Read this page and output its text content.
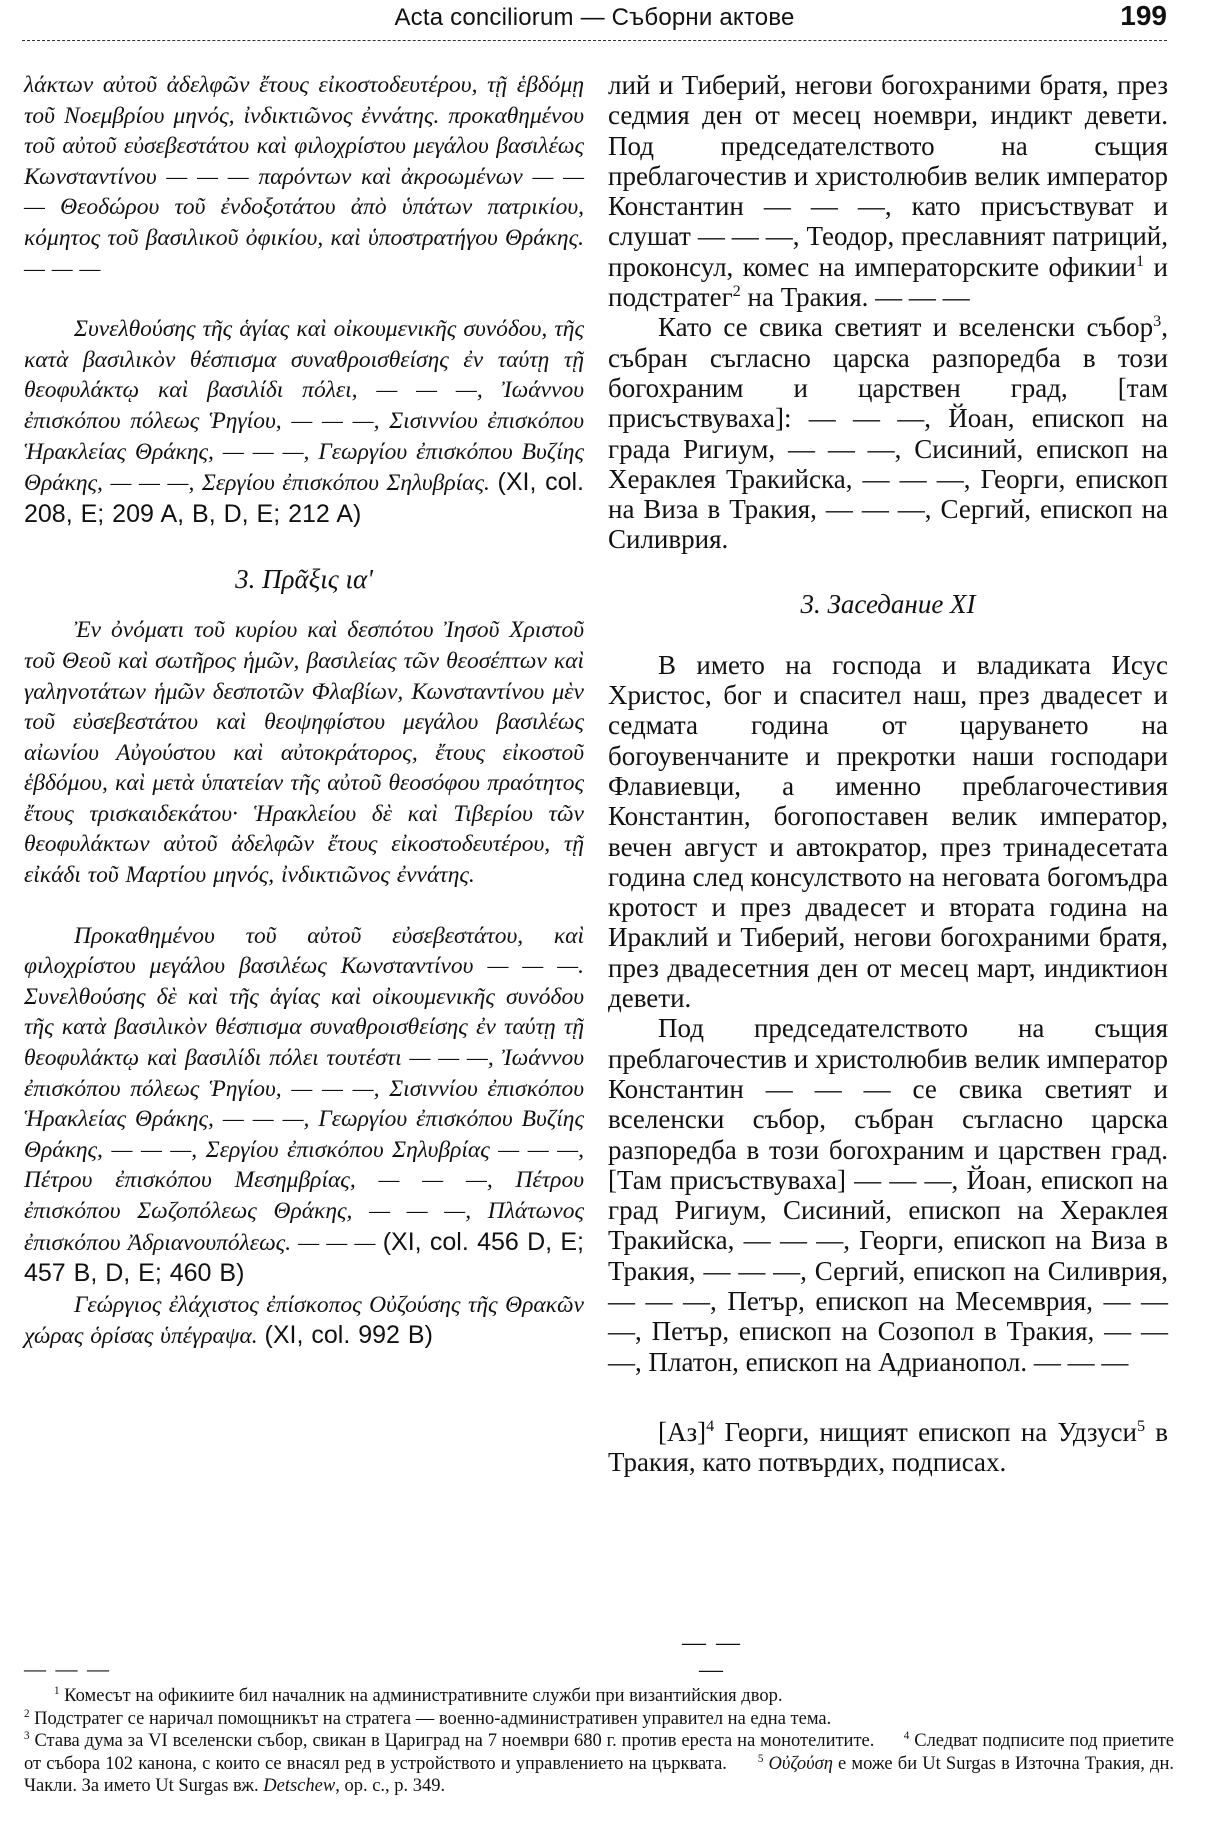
Acta conciliorum — Съборни актове	199

λάκτων αὐτοῦ ἀδελφῶν ἔτους εἰκοστοδευτέρου, τῇ ἑβδόμῃ τοῦ Νοεμβρίου μηνός, ἰνδικτιῶνος ἐννάτης. προκαθημένου τοῦ αὐτοῦ εὐσεβεστάτου καὶ φιλοχρίστου μεγάλου βασιλέως Κωνσταντίνου — — — παρόντων καὶ ἀκροωμένων — — — Θεοδώρου τοῦ ἐνδοξοτάτου ἀπὸ ὑπάτων πατρικίου, κόμητος τοῦ βασιλικοῦ ὀφικίου, καὶ ὑποστρατήγου Θράκης. — — —

Συνελθούσης τῆς ἁγίας καὶ οἰκουμενικῆς συνόδου, τῆς κατὰ βασιλικὸν θέσπισμα συναθροισθείσης ἐν ταύτῃ τῇ θεοφυλάκτῳ καὶ βασιλίδι πόλει, — — —, Ἰωάννου ἐπισκόπου πόλεως Ῥηγίου, — — —, Σισιννίου ἐπισκόπου Ἡρακλείας Θράκης, — — —, Γεωργίου ἐπισκόπου Βυζίης Θράκης, — — —, Σεργίου ἐπισκόπου Σηλυβρίας. (XI, col. 208, E; 209 A, B, D, E; 212 A)

3. Πρᾶξις ια'

Ἐν ὀνόματι τοῦ κυρίου καὶ δεσπότου Ἰησοῦ Χριστοῦ τοῦ Θεοῦ καὶ σωτῆρος ἡμῶν, βασιλείας τῶν θεοσέπτων καὶ γαληνοτάτων ἡμῶν δεσποτῶν Φλαβίων, Κωνσταντίνου μὲν τοῦ εὐσεβεστάτου καὶ θεοψηφίστου μεγάλου βασιλέως αἰωνίου Αὐγούστου καὶ αὐτοκράτορος, ἔτους εἰκοστοῦ ἑβδόμου, καὶ μετὰ ὑπατείαν τῆς αὐτοῦ θεοσόφου πραότητος ἔτους τρισκαιδεκάτου· Ἡρακλείου δὲ καὶ Τιβερίου τῶν θεοφυλάκτων αὐτοῦ ἀδελφῶν ἔτους εἰκοστοδευτέρου, τῇ εἰκάδι τοῦ Μαρτίου μηνός, ἰνδικτιῶνος ἐννάτης.

Προκαθημένου τοῦ αὐτοῦ εὐσεβεστάτου, καὶ φιλοχρίστου μεγάλου βασιλέως Κωνσταντίνου — — —. Συνελθούσης δὲ καὶ τῆς ἁγίας καὶ οἰκουμενικῆς συνόδου τῆς κατὰ βασιλικὸν θέσπισμα συναθροισθείσης ἐν ταύτῃ τῇ θεοφυλάκτῳ καὶ βασιλίδι πόλει τουτέστι — — —, Ἰωάννου ἐπισκόπου πόλεως Ῥηγίου, — — —, Σισιννίου ἐπισκόπου Ἡρακλείας Θράκης, — — —, Γεωργίου ἐπισκόπου Βυζίης Θράκης, — — —, Σεργίου ἐπισκόπου Σηλυβρίας — — —, Πέτρου ἐπισκόπου Μεσημβρίας, — — —, Πέτρου ἐπισκόπου Σωζοπόλεως Θράκης, — — —, Πλάτωνος ἐπισκόπου Ἀδριανουπόλεως. — — — (XI, col. 456 D, E; 457 B, D, E; 460 B)

Γεώργιος ἐλάχιστος ἐπίσκοπος Οὐζούσης τῆς Θρακῶν χώρας ὁρίσας ὑπέγραψα. (XI, col. 992 B)

— — —

лий и Тиберий, негови богохраними братя, през седмия ден от месец ноември, индикт девети. Под председателството на същия преблагочестив и христолюбив велик император Константин — — —, като присъствуват и слушат — — —, Теодор, преславният патриций, проконсул, комес на императорските офикии$^1$ и подстратег$^2$ на Тракия. — — —

Като се свика светият и вселенски събор$^3$, събран съгласно царска разпоредба в този богохраним и царствен град, [там присъствуваха]: — — —, Йоан, епископ на града Ригиум, — — —, Сисиний, епископ на Хераклея Тракийска, — — —, Георги, епископ на Виза в Тракия, — — —, Сергий, епископ на Силиврия.

3. Заседание XI

В името на господа и владиката Исус Христос, бог и спасител наш, през двадесет и седмата година от царуването на богоувенчаните и прекротки наши господари Флавиевци, а именно преблагочестивия Константин, богопоставен велик император, вечен август и автократор, през тринадесетата година след консулството на неговата богомъдра кротост и през двадесет и втората година на Ираклий и Тиберий, негови богохраними братя, през двадесетния ден от месец март, индиктион девети.

Под председателството на същия преблагочестив и христолюбив велик император Константин — — — се свика светият и вселенски събор, събран съгласно царска разпоредба в този богохраним и царствен град. [Там присъствуваха] — — —, Йоан, епископ на град Ригиум, Сисиний, епископ на Хераклея Тракийска, — — —, Георги, епископ на Виза в Тракия, — — —, Сергий, епископ на Силиврия, — — —, Петър, епископ на Месемврия, — — —, Петър, епископ на Созопол в Тракия, — — —, Платон, епископ на Адрианопол. — — —

[Аз]$^4$ Георги, нищият епископ на Удзуси$^5$ в Тракия, като потвърдих, подписах.

— — —

$^1$ Комесът на офикиите бил началник на административните служби при византийския двор.

$^2$ Подстратег се наричал помощникът на стратега — военно-административен управител на една тема.

$^3$ Става дума за VI вселенски събор, свикан в Цариград на 7 ноември 680 г. против ереста на монотелитите.	$^4$ Следват подписите под приетите от събора 102 канона, с които се внасял ред в устройството и управлението на църквата.	$^5$ Οὐζούση е може би Ut Surgas в Източна Тракия, дн. Чакли. За името Ut Surgas вж. Detschew, op. c., p. 349.
